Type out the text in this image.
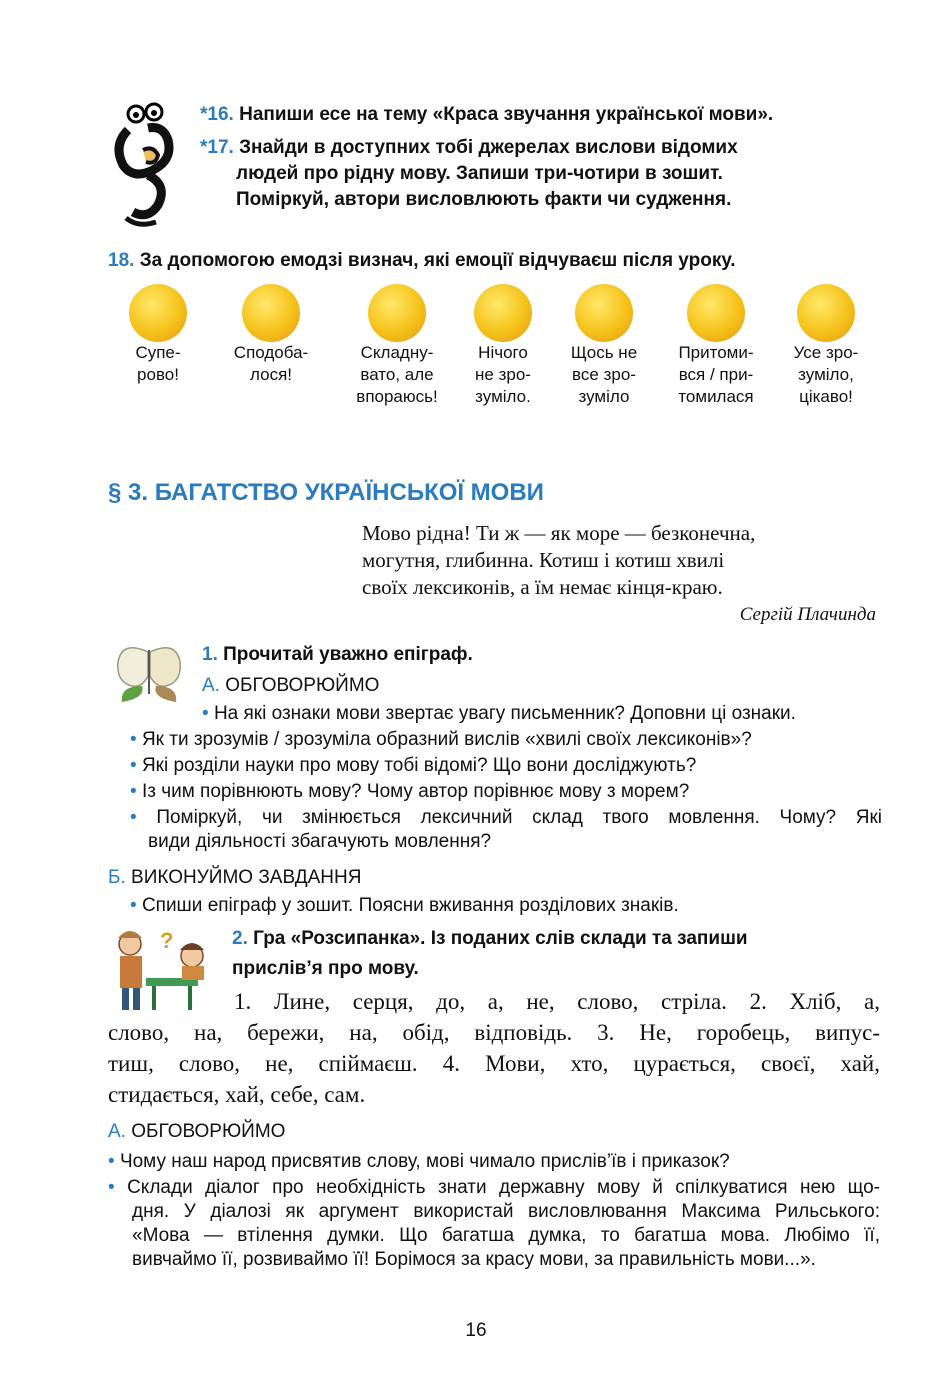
*16. Напиши есе на тему «Краса звучання української мови».
*17. Знайди в доступних тобі джерелах вислови відомих
людей про рідну мову. Запиши три-чотири в зошит.
Поміркуй, автори висловлюють факти чи судження.
18. За допомогою емодзі визнач, які емоції відчуваєш після уроку.
Супе-
рово!
Сподоба-
лося!
Складну-
вато, але
впораюсь!
Нічого
не зро-
зуміло.
Щось не
все зро-
зуміло
Притоми-
вся / при-
томилася
Усе зро-
зуміло,
цікаво!
§ 3. БАГАТСТВО УКРАЇНСЬКОЇ МОВИ
Мово рідна! Ти ж — як море — безконечна,
могутня, глибинна. Котиш і котиш хвилі
своїх лексиконів, а їм немає кінця-краю.
Сергій Плачинда
1. Прочитай уважно епіграф.
А. ОБГОВОРЮЙМО
• На які ознаки мови звертає увагу письменник? Доповни ці ознаки.
• Як ти зрозумів / зрозуміла образний вислів «хвилі своїх лексиконів»?
• Які розділи науки про мову тобі відомі? Що вони досліджують?
• Із чим порівнюють мову? Чому автор порівнює мову з морем?
• Поміркуй, чи змінюється лексичний склад твого мовлення. Чому? Які
види діяльності збагачують мовлення?
Б. ВИКОНУЙМО ЗАВДАННЯ
• Спиши епіграф у зошит. Поясни вживання розділових знаків.
?	2. Гра «Розсипанка». Із поданих слів склади та запиши
прислів’я про мову.
1. Лине, серця, до, а, не, слово, стріла. 2. Хліб, а,
слово, на, бережи, на, обід, відповідь. 3. Не, горобець, випус-
тиш, слово, не, спіймаєш. 4. Мови, хто, цурається, своєї, хай,
стидається, хай, себе, сам.
А. ОБГОВОРЮЙМО
• Чому наш народ присвятив слову, мові чимало прислів’їв і приказок?
• Склади діалог про необхідність знати державну мову й спілкуватися нею що-
дня. У діалозі як аргумент використай висловлювання Максима Рильського:
«Мова — втілення думки. Що багатша думка, то багатша мова. Любімо її,
вивчаймо її, розвиваймо її! Борімося за красу мови, за правильність мови...».
16
